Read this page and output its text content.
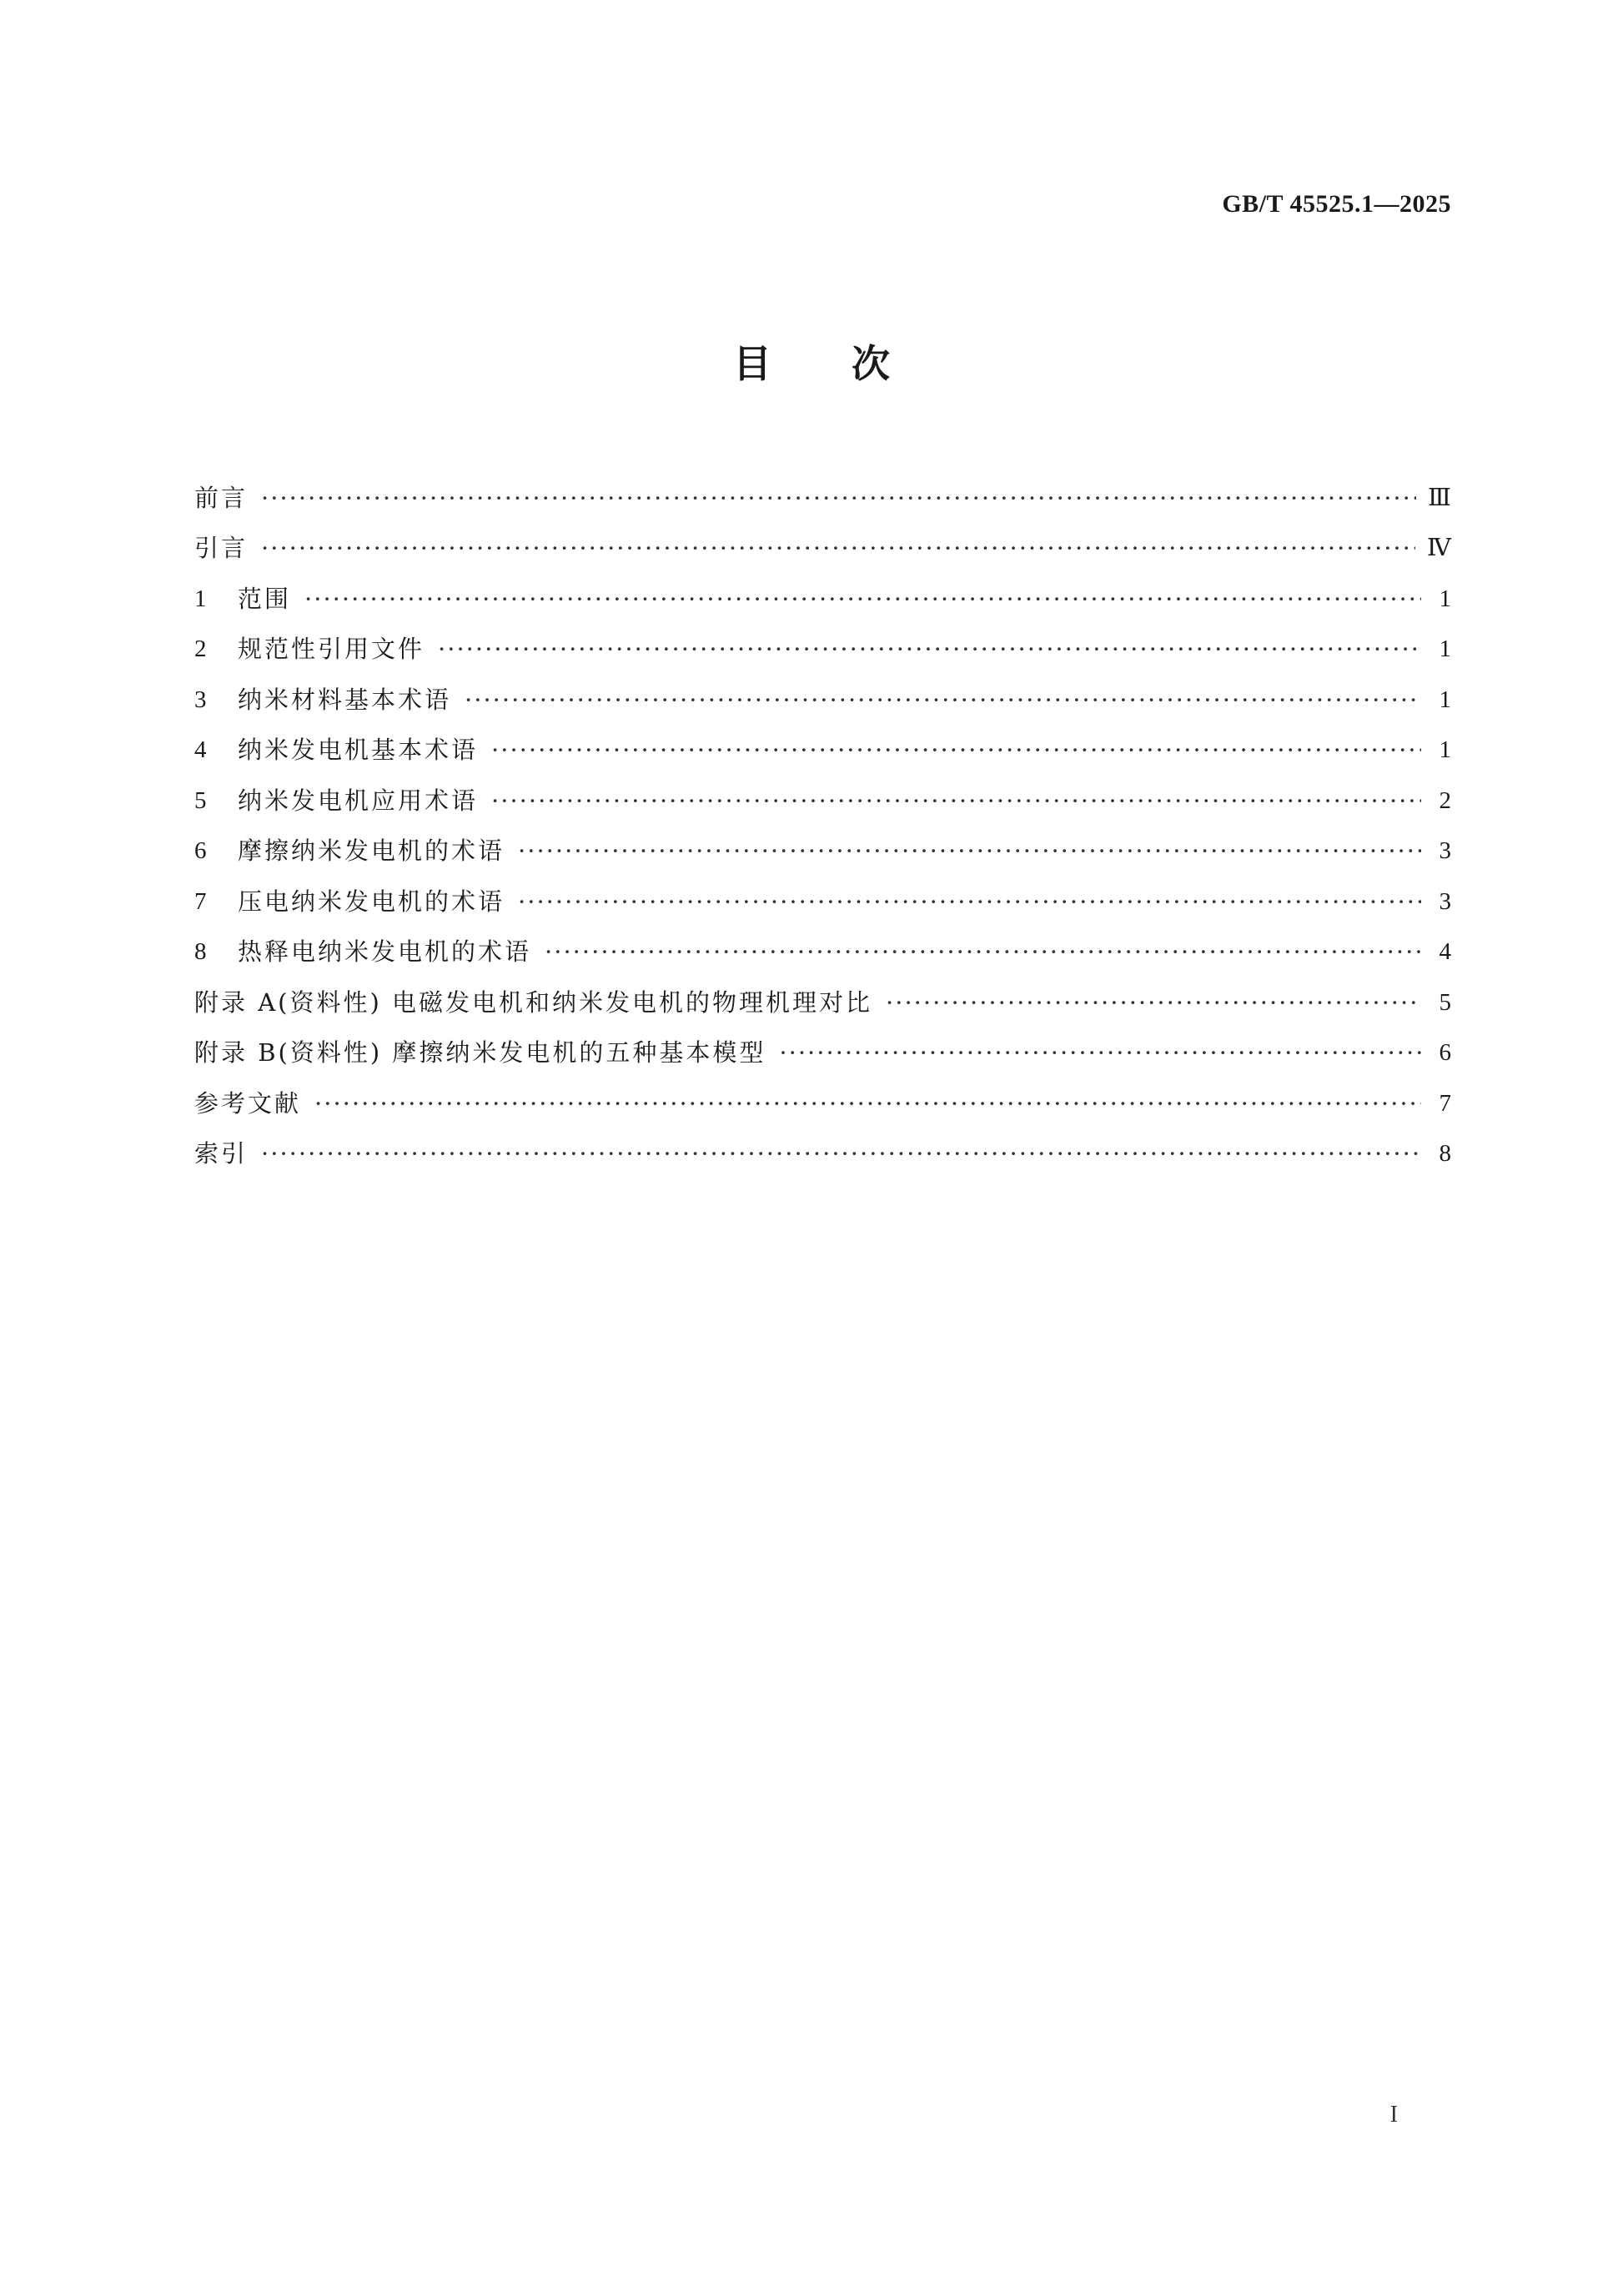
GB/T 45525.1—2025
目次
前言 ·····	Ⅲ
引言 ·····	Ⅳ
1	范围 ·····	1
2	规范性引用文件 ·····	1
3	纳米材料基本术语 ·····	1
4	纳米发电机基本术语 ·····	1
5	纳米发电机应用术语 ·····	2
6	摩擦纳米发电机的术语 ·····	3
7	压电纳米发电机的术语 ·····	3
8	热释电纳米发电机的术语 ·····	4
附录 A(资料性) 电磁发电机和纳米发电机的物理机理对比 ·····	5
附录 B(资料性) 摩擦纳米发电机的五种基本模型 ·····	6
参考文献 ·····	7
索引 ·····	8
I
